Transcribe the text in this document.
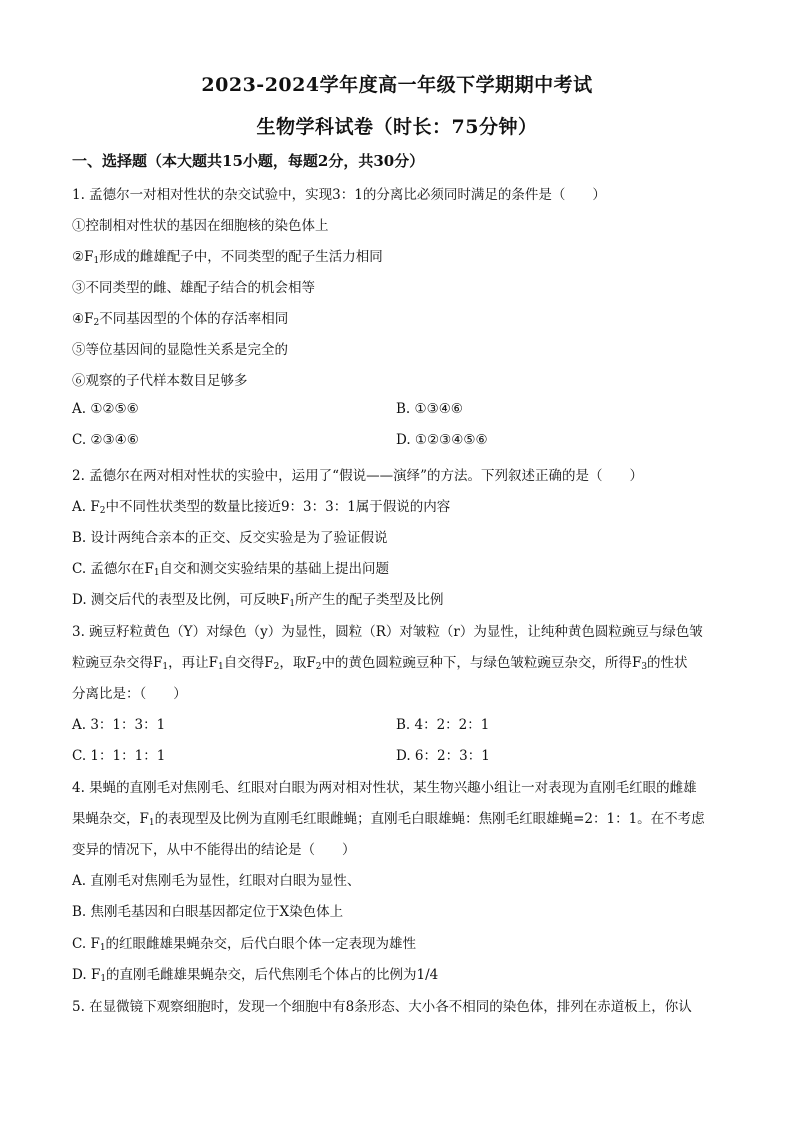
2023-2024学年度高一年级下学期期中考试
生物学科试卷（时长：75分钟）
一、选择题（本大题共15小题，每题2分，共30分）
1. 孟德尔一对相对性状的杂交试验中，实现3：1的分离比必须同时满足的条件是（　　）
①控制相对性状的基因在细胞核的染色体上
$②F_1$形成的雌雄配子中，不同类型的配子生活力相同
③不同类型的雌、雄配子结合的机会相等
$④F_2$不同基因型的个体的存活率相同
⑤等位基因间的显隐性关系是完全的
⑥观察的子代样本数目足够多
A. ①②⑤⑥	B. ①③④⑥
C. ②③④⑥	D. ①②③④⑤⑥
2. 孟德尔在两对相对性状的实验中，运用了“假说——演绎”的方法。下列叙述正确的是（　　）
A. $F_2$中不同性状类型的数量比接近9：3：3：1属于假说的内容
B. 设计两纯合亲本的正交、反交实验是为了验证假说
C. 孟德尔在$F_1$自交和测交实验结果的基础上提出问题
D. 测交后代的表型及比例，可反映$F_1$所产生的配子类型及比例
3. 豌豆籽粒黄色（Y）对绿色（y）为显性，圆粒（R）对皱粒（r）为显性，让纯种黄色圆粒豌豆与绿色皱
粒豌豆杂交得$F_1$，再让$F_1$自交得$F_2$，取$F_2$中的黄色圆粒豌豆种下，与绿色皱粒豌豆杂交，所得$F_3$的性状
分离比是：（　　）
A. 3：1：3：1	B. 4：2：2：1
C. 1：1：1：1	D. 6：2：3：1
4. 果蝇的直刚毛对焦刚毛、红眼对白眼为两对相对性状，某生物兴趣小组让一对表现为直刚毛红眼的雌雄
果蝇杂交，$F_1$的表现型及比例为直刚毛红眼雌蝇；直刚毛白眼雄蝇：焦刚毛红眼雄蝇=2：1：1。在不考虑
变异的情况下，从中不能得出的结论是（　　）
A. 直刚毛对焦刚毛为显性，红眼对白眼为显性、
B. 焦刚毛基因和白眼基因都定位于X染色体上
C. $F_1$的红眼雌雄果蝇杂交，后代白眼个体一定表现为雄性
D. $F_1$的直刚毛雌雄果蝇杂交，后代焦刚毛个体占的比例为1/4
5. 在显微镜下观察细胞时，发现一个细胞中有8条形态、大小各不相同的染色体，排列在赤道板上，你认
